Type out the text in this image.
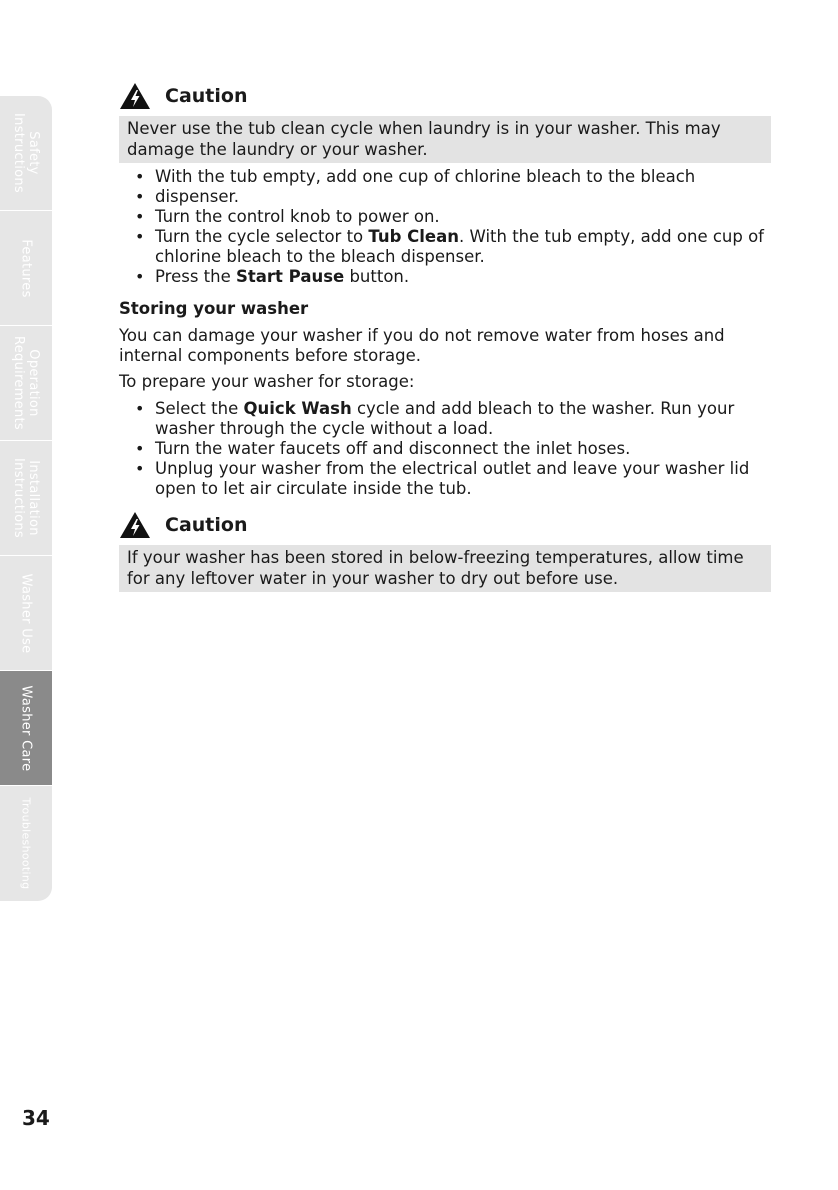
Safety Instructions
Features
Operation Requirements
Installation Instructions
Washer Use
Washer Care
Troubleshooting
Caution
Never use the tub clean cycle when laundry is in your washer. This may damage the laundry or your washer.
• With the tub empty, add one cup of chlorine bleach to the bleach
• dispenser.
• Turn the control knob to power on.
• Turn the cycle selector to Tub Clean. With the tub empty, add one cup of chlorine bleach to the bleach dispenser.
• Press the Start Pause button.
Storing your washer
You can damage your washer if you do not remove water from hoses and internal components before storage.
To prepare your washer for storage:
• Select the Quick Wash cycle and add bleach to the washer. Run your washer through the cycle without a load.
• Turn the water faucets off and disconnect the inlet hoses.
• Unplug your washer from the electrical outlet and leave your washer lid open to let air circulate inside the tub.
Caution
If your washer has been stored in below-freezing temperatures, allow time for any leftover water in your washer to dry out before use.
34
